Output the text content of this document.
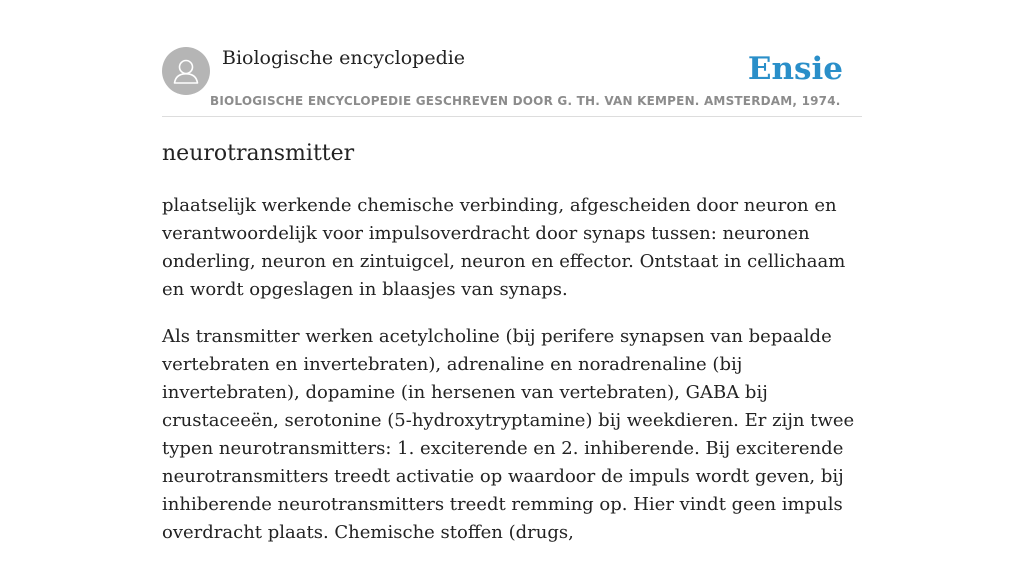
Biologische encyclopedie	Ensie
BIOLOGISCHE ENCYCLOPEDIE GESCHREVEN DOOR G. TH. VAN KEMPEN. AMSTERDAM, 1974.
neurotransmitter

plaatselijk werkende chemische verbinding, afgescheiden door neuron en verantwoordelijk voor impulsoverdracht door synaps tussen: neuronen onderling, neuron en zintuigcel, neuron en effector. Ontstaat in cellichaam en wordt opgeslagen in blaasjes van synaps.

Als transmitter werken acetylcholine (bij perifere synapsen van bepaalde vertebraten en invertebraten), adrenaline en noradrenaline (bij invertebraten), dopamine (in hersenen van vertebraten), GABA bij crustaceeën, serotonine (5-hydroxytryptamine) bij weekdieren. Er zijn twee typen neurotransmitters: 1. exciterende en 2. inhiberende. Bij exciterende neurotransmitters treedt activatie op waardoor de impuls wordt geven, bij inhiberende neurotransmitters treedt remming op. Hier vindt geen impuls overdracht plaats. Chemische stoffen (drugs,
